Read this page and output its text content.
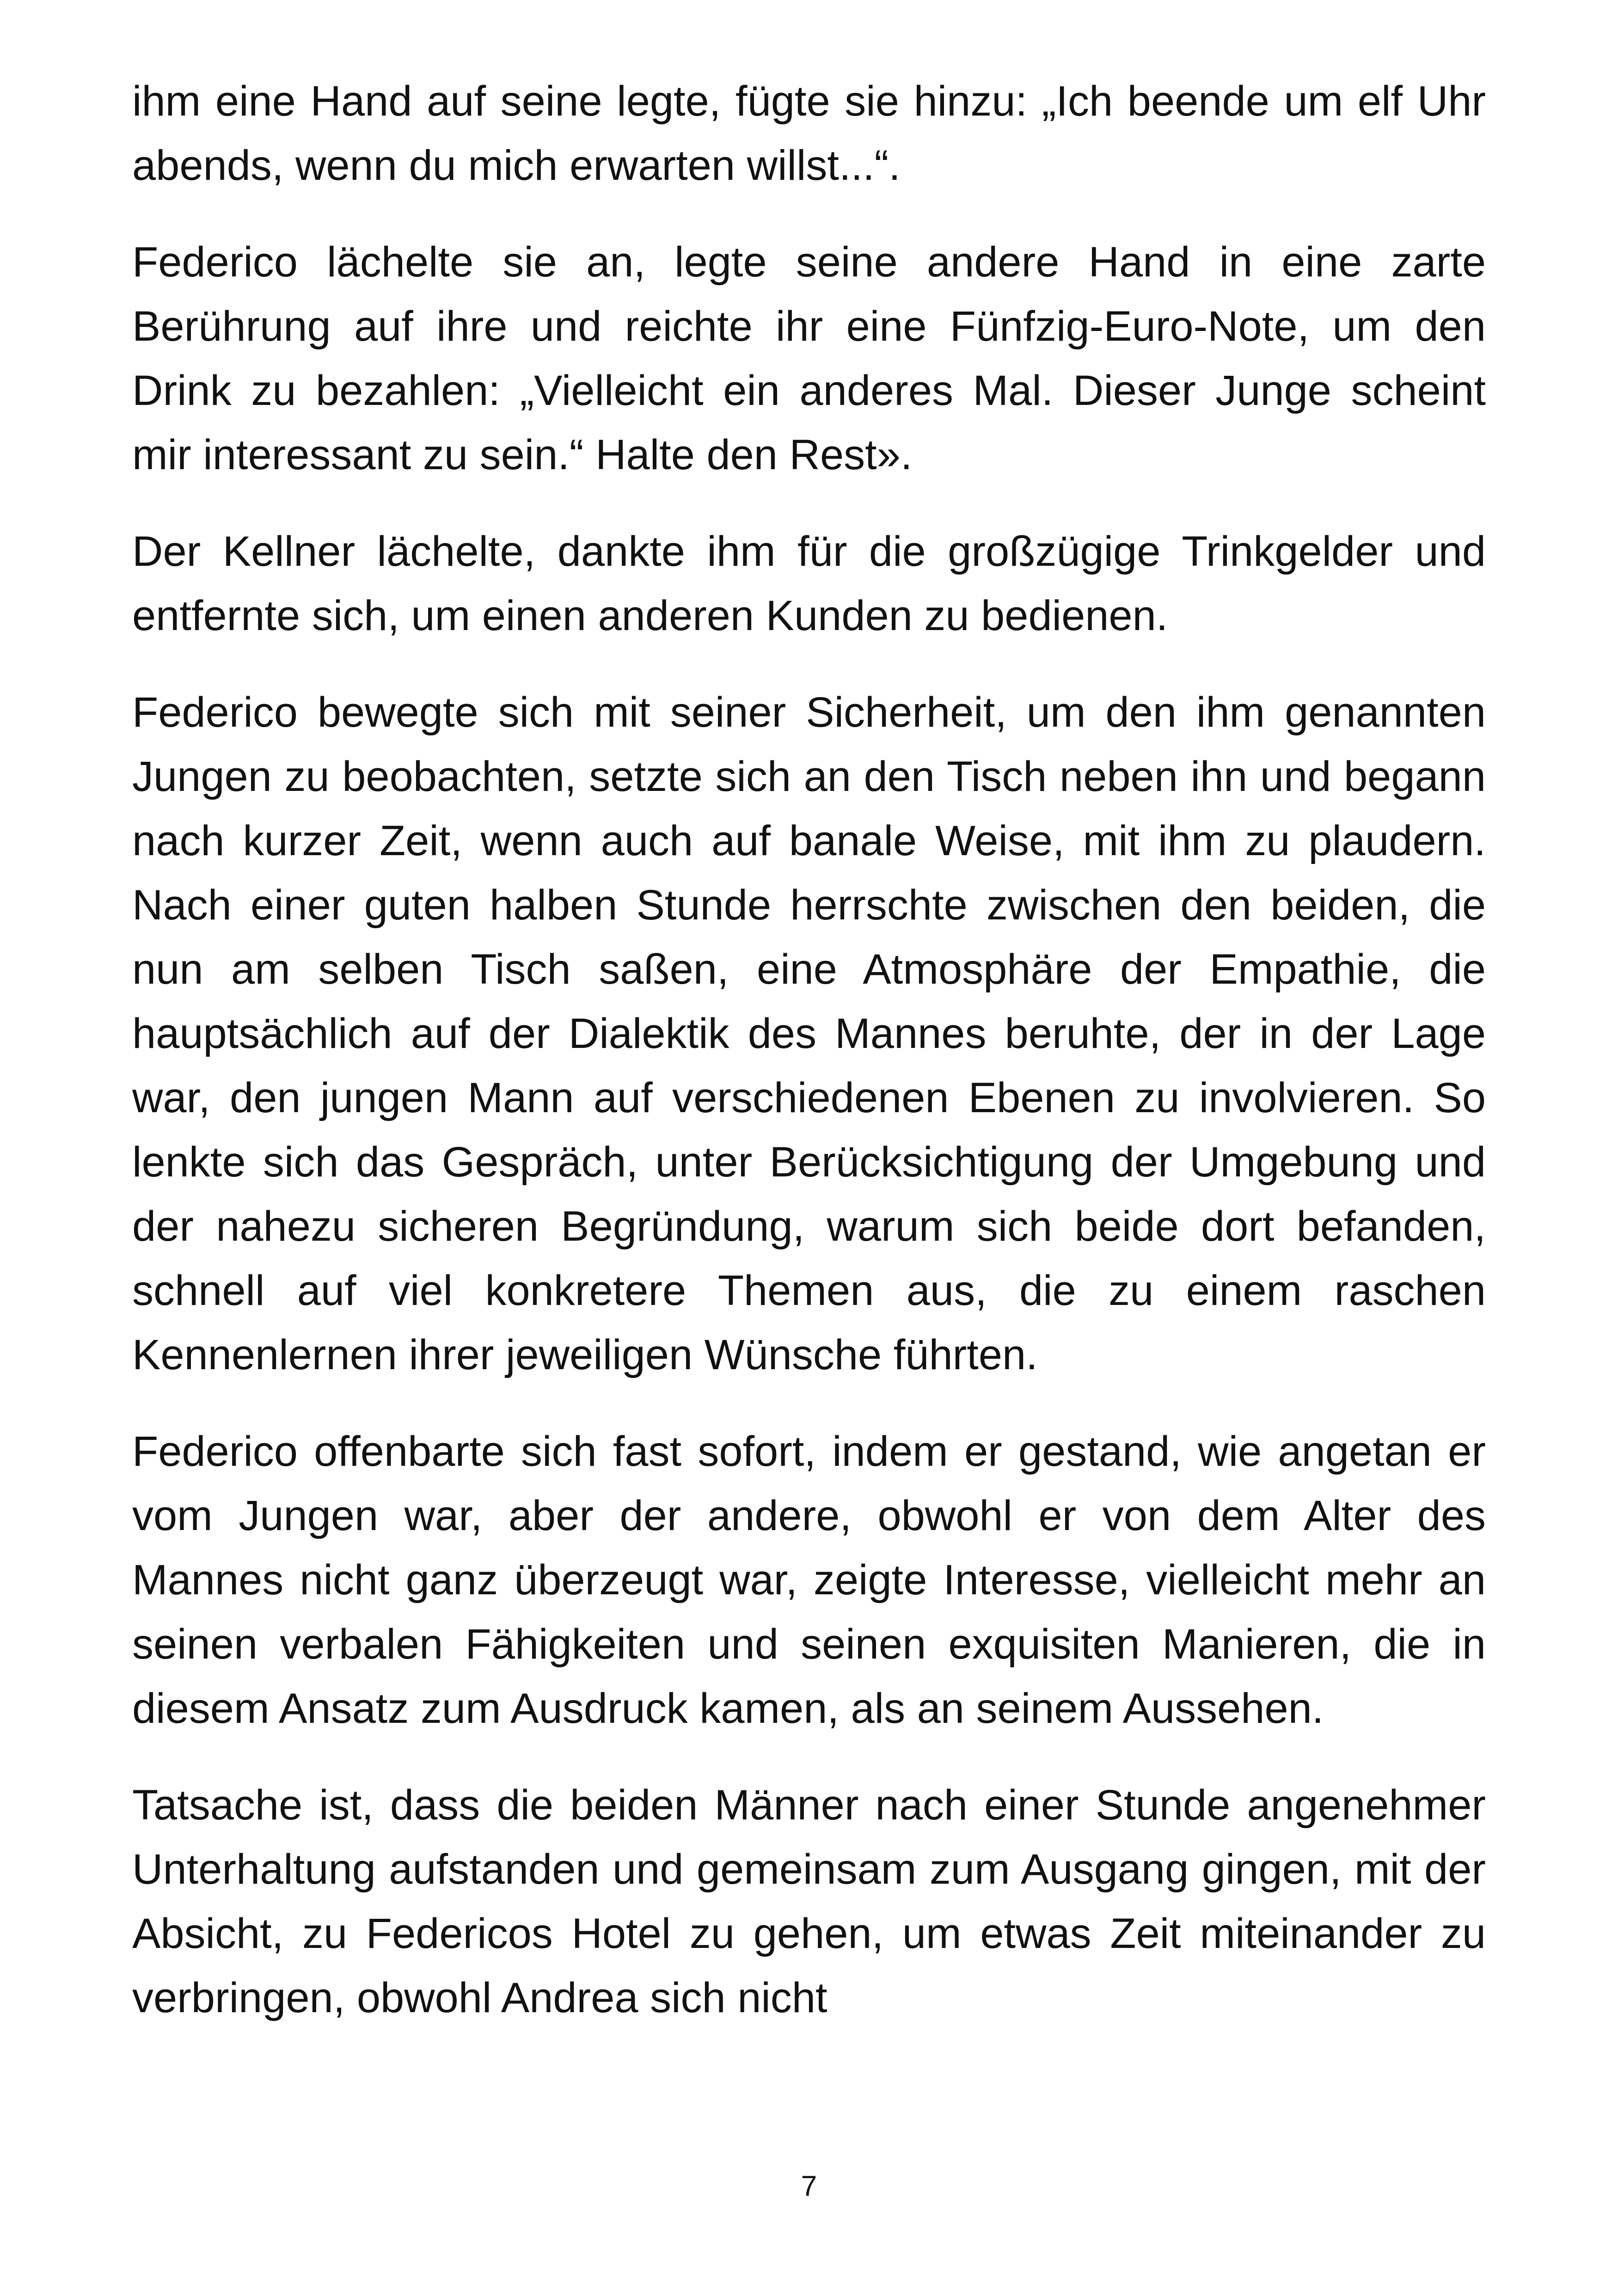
ihm eine Hand auf seine legte, fügte sie hinzu: „Ich beende um elf Uhr abends, wenn du mich erwarten willst...“.

Federico lächelte sie an, legte seine andere Hand in eine zarte Berührung auf ihre und reichte ihr eine Fünfzig-Euro-Note, um den Drink zu bezahlen: „Vielleicht ein anderes Mal. Dieser Junge scheint mir interessant zu sein.“ Halte den Rest».

Der Kellner lächelte, dankte ihm für die großzügige Trinkgelder und entfernte sich, um einen anderen Kunden zu bedienen.

Federico bewegte sich mit seiner Sicherheit, um den ihm genannten Jungen zu beobachten, setzte sich an den Tisch neben ihn und begann nach kurzer Zeit, wenn auch auf banale Weise, mit ihm zu plaudern. Nach einer guten halben Stunde herrschte zwischen den beiden, die nun am selben Tisch saßen, eine Atmosphäre der Empathie, die hauptsächlich auf der Dialektik des Mannes beruhte, der in der Lage war, den jungen Mann auf verschiedenen Ebenen zu involvieren. So lenkte sich das Gespräch, unter Berücksichtigung der Umgebung und der nahezu sicheren Begründung, warum sich beide dort befanden, schnell auf viel konkretere Themen aus, die zu einem raschen Kennenlernen ihrer jeweiligen Wünsche führten.

Federico offenbarte sich fast sofort, indem er gestand, wie angetan er vom Jungen war, aber der andere, obwohl er von dem Alter des Mannes nicht ganz überzeugt war, zeigte Interesse, vielleicht mehr an seinen verbalen Fähigkeiten und seinen exquisiten Manieren, die in diesem Ansatz zum Ausdruck kamen, als an seinem Aussehen.

Tatsache ist, dass die beiden Männer nach einer Stunde angenehmer Unterhaltung aufstanden und gemeinsam zum Ausgang gingen, mit der Absicht, zu Federicos Hotel zu gehen, um etwas Zeit miteinander zu verbringen, obwohl Andrea sich nicht

7
